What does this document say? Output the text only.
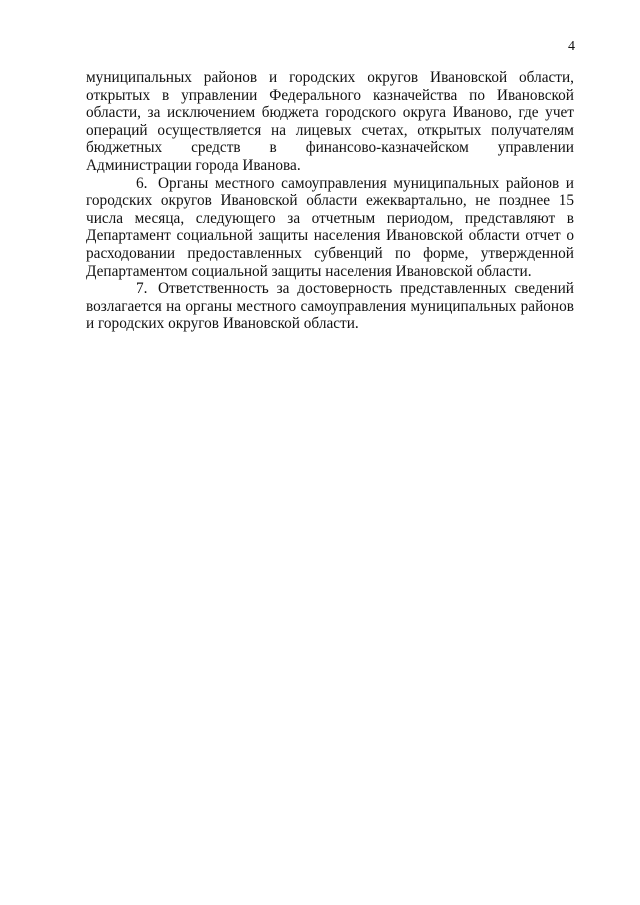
4
муниципальных районов и городских округов Ивановской области,
открытых в управлении Федерального казначейства по Ивановской
области, за исключением бюджета городского округа Иваново, где учет
операций осуществляется на лицевых счетах, открытых получателям
бюджетных средств в финансово-казначейском управлении
Администрации города Иванова.
6. Органы местного самоуправления муниципальных районов и
городских округов Ивановской области ежеквартально, не позднее 15
числа месяца, следующего за отчетным периодом, представляют в
Департамент социальной защиты населения Ивановской области отчет о
расходовании предоставленных субвенций по форме, утвержденной
Департаментом социальной защиты населения Ивановской области.
7. Ответственность за достоверность представленных сведений
возлагается на органы местного самоуправления муниципальных районов
и городских округов Ивановской области.
